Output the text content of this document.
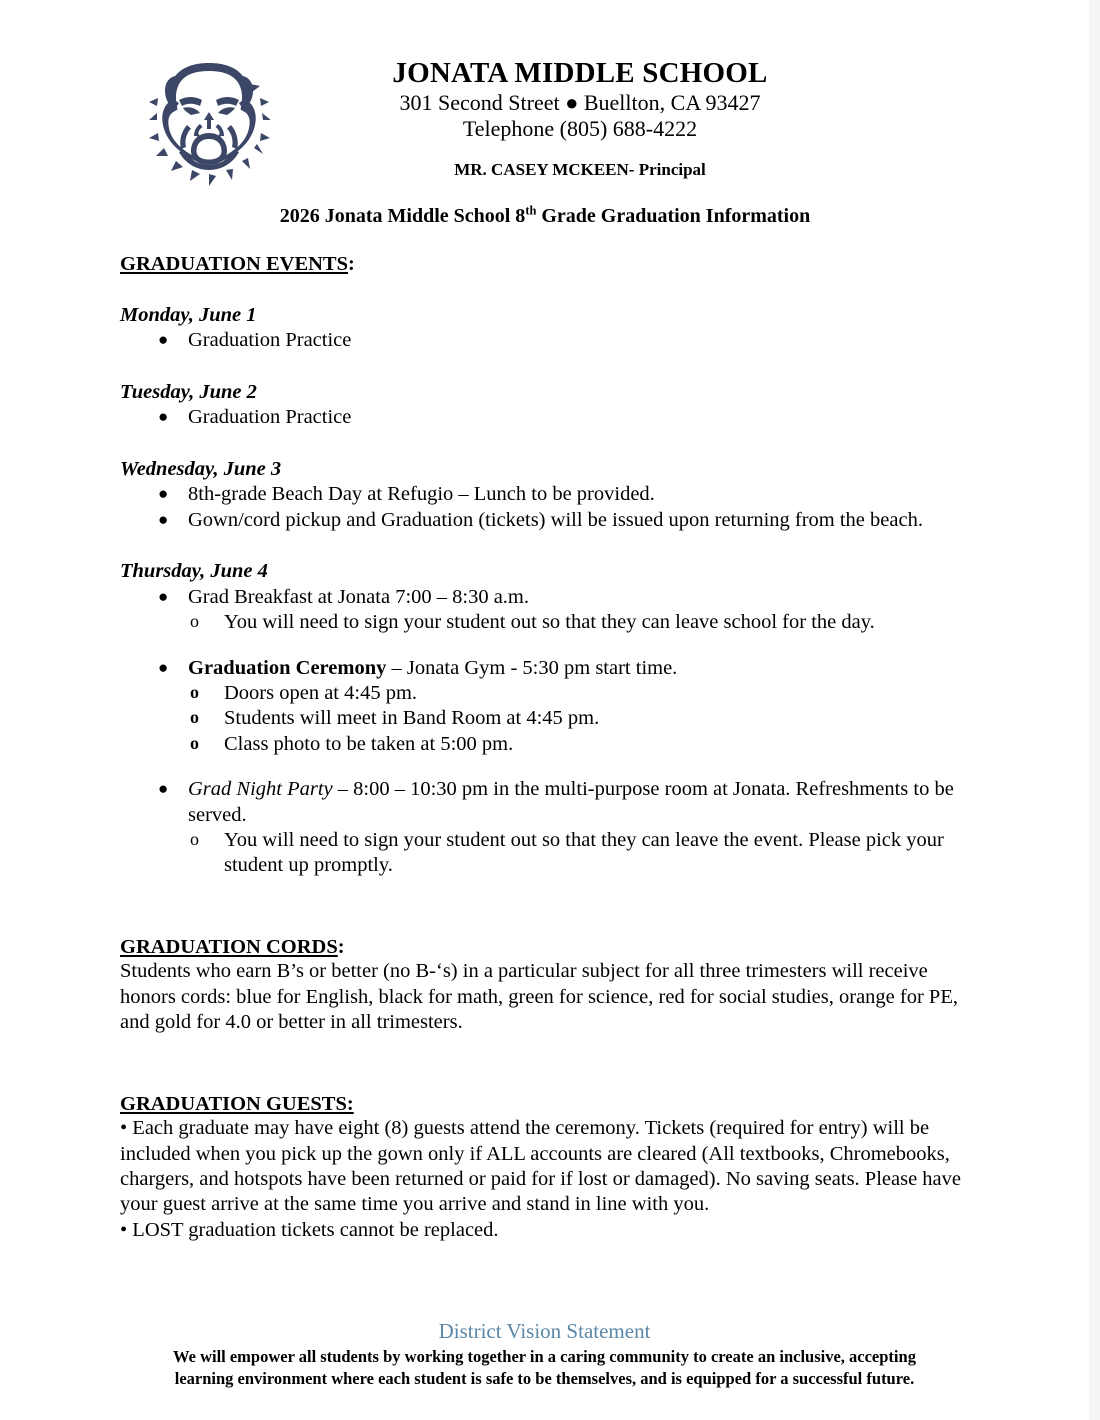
JONATA MIDDLE SCHOOL
301 Second Street ● Buellton, CA 93427
Telephone (805) 688-4222
MR. CASEY MCKEEN- Principal
2026 Jonata Middle School 8th Grade Graduation Information
GRADUATION EVENTS:
Monday, June 1
● Graduation Practice
Tuesday, June 2
● Graduation Practice
Wednesday, June 3
● 8th-grade Beach Day at Refugio – Lunch to be provided.
● Gown/cord pickup and Graduation (tickets) will be issued upon returning from the beach.
Thursday, June 4
● Grad Breakfast at Jonata 7:00 – 8:30 a.m.
o You will need to sign your student out so that they can leave school for the day.
● Graduation Ceremony – Jonata Gym - 5:30 pm start time.
o Doors open at 4:45 pm.
o Students will meet in Band Room at 4:45 pm.
o Class photo to be taken at 5:00 pm.
● Grad Night Party – 8:00 – 10:30 pm in the multi-purpose room at Jonata. Refreshments to be served.
o You will need to sign your student out so that they can leave the event. Please pick your student up promptly.
GRADUATION CORDS:

Students who earn B’s or better (no B-‘s) in a particular subject for all three trimesters will receive honors cords: blue for English, black for math, green for science, red for social studies, orange for PE, and gold for 4.0 or better in all trimesters.

GRADUATION GUESTS:

• Each graduate may have eight (8) guests attend the ceremony. Tickets (required for entry) will be included when you pick up the gown only if ALL accounts are cleared (All textbooks, Chromebooks, chargers, and hotspots have been returned or paid for if lost or damaged). No saving seats. Please have your guest arrive at the same time you arrive and stand in line with you.

• LOST graduation tickets cannot be replaced.

District Vision Statement
We will empower all students by working together in a caring community to create an inclusive, accepting
learning environment where each student is safe to be themselves, and is equipped for a successful future.
